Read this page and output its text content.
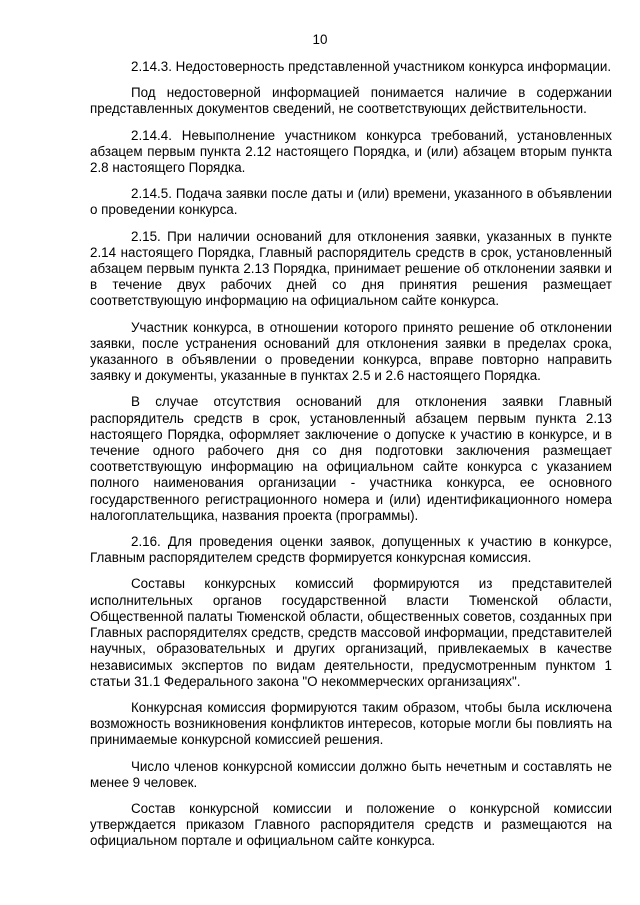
10

2.14.3. Недостоверность представленной участником конкурса информации.

Под недостоверной информацией понимается наличие в содержании представленных документов сведений, не соответствующих действительности.

2.14.4. Невыполнение участником конкурса требований, установленных абзацем первым пункта 2.12 настоящего Порядка, и (или) абзацем вторым пункта 2.8 настоящего Порядка.

2.14.5. Подача заявки после даты и (или) времени, указанного в объявлении о проведении конкурса.

2.15. При наличии оснований для отклонения заявки, указанных в пункте 2.14 настоящего Порядка, Главный распорядитель средств в срок, установленный абзацем первым пункта 2.13 Порядка, принимает решение об отклонении заявки и в течение двух рабочих дней со дня принятия решения размещает соответствующую информацию на официальном сайте конкурса.

Участник конкурса, в отношении которого принято решение об отклонении заявки, после устранения оснований для отклонения заявки в пределах срока, указанного в объявлении о проведении конкурса, вправе повторно направить заявку и документы, указанные в пунктах 2.5 и 2.6 настоящего Порядка.

В случае отсутствия оснований для отклонения заявки Главный распорядитель средств в срок, установленный абзацем первым пункта 2.13 настоящего Порядка, оформляет заключение о допуске к участию в конкурсе, и в течение одного рабочего дня со дня подготовки заключения размещает соответствующую информацию на официальном сайте конкурса с указанием полного наименования организации - участника конкурса, ее основного государственного регистрационного номера и (или) идентификационного номера налогоплательщика, названия проекта (программы).

2.16. Для проведения оценки заявок, допущенных к участию в конкурсе, Главным распорядителем средств формируется конкурсная комиссия.

Составы конкурсных комиссий формируются из представителей исполнительных органов государственной власти Тюменской области, Общественной палаты Тюменской области, общественных советов, созданных при Главных распорядителях средств, средств массовой информации, представителей научных, образовательных и других организаций, привлекаемых в качестве независимых экспертов по видам деятельности, предусмотренным пунктом 1 статьи 31.1 Федерального закона "О некоммерческих организациях".

Конкурсная комиссия формируются таким образом, чтобы была исключена возможность возникновения конфликтов интересов, которые могли бы повлиять на принимаемые конкурсной комиссией решения.

Число членов конкурсной комиссии должно быть нечетным и составлять не менее 9 человек.

Состав конкурсной комиссии и положение о конкурсной комиссии утверждается приказом Главного распорядителя средств и размещаются на официальном портале и официальном сайте конкурса.
